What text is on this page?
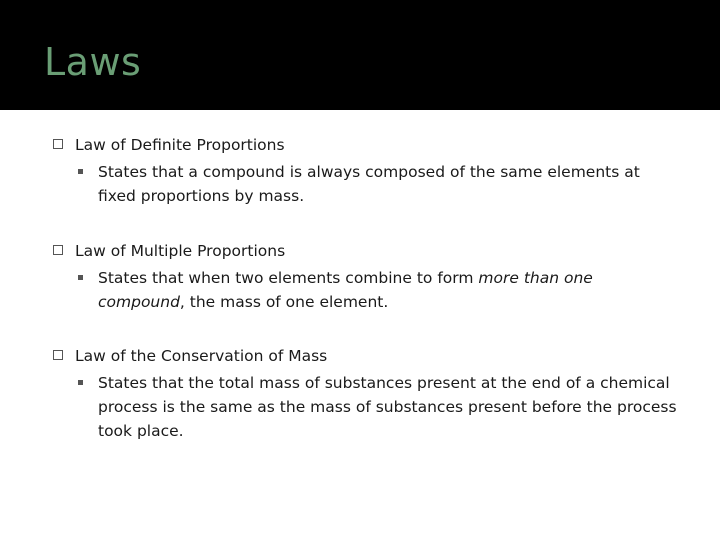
Laws
Law of Definite Proportions
States that a compound is always composed of the same elements at fixed proportions by mass.
Law of Multiple Proportions
States that when two elements combine to form more than one compound, the mass of one element.
Law of the Conservation of Mass
States that the total mass of substances present at the end of a chemical process is the same as the mass of substances present before the process took place.
